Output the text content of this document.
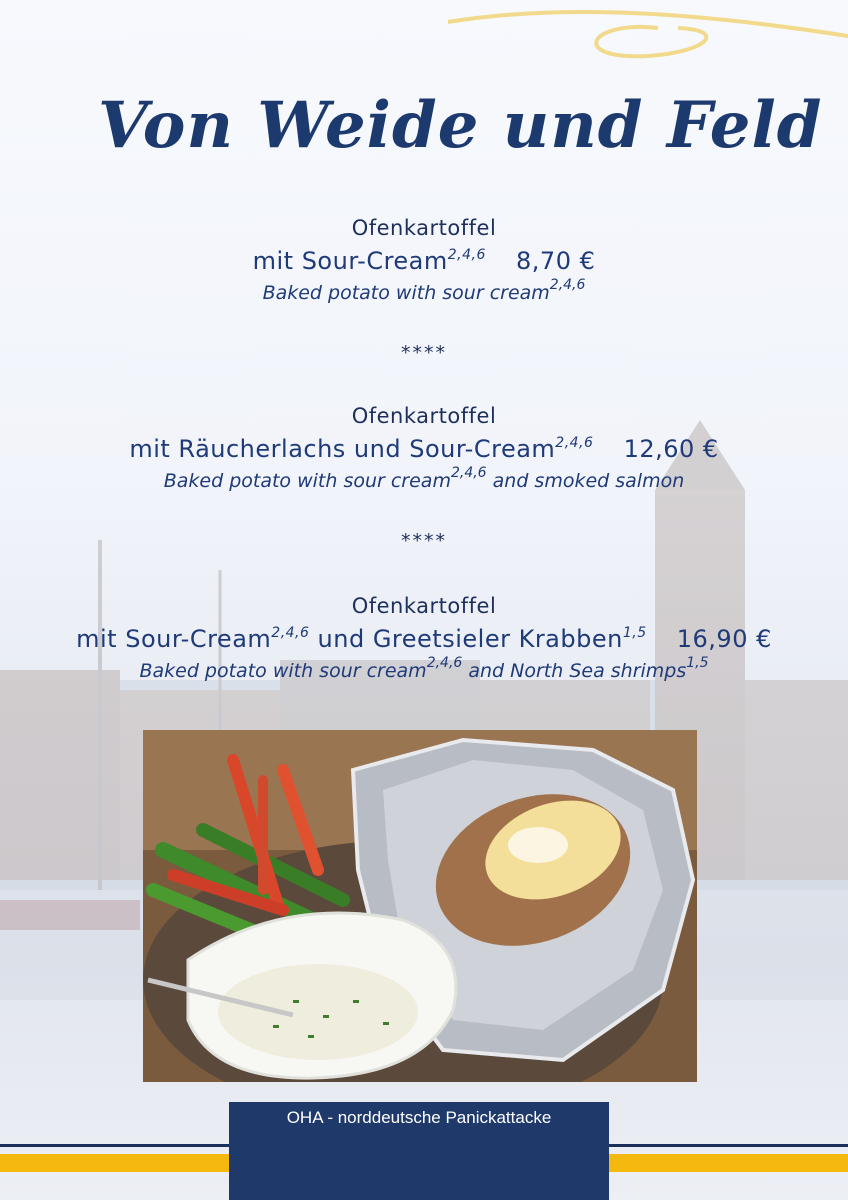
Von Weide und Feld
Ofenkartoffel
mit Sour-Cream$^{2,4,6}$ 8,70 €
Baked potato with sour cream$^{2,4,6}$
****
Ofenkartoffel
mit Räucherlachs und Sour-Cream$^{2,4,6}$ 12,60 €
Baked potato with sour cream$^{2,4,6}$ and smoked salmon
****
Ofenkartoffel
mit Sour-Cream$^{2,4,6}$ und Greetsieler Krabben$^{1,5}$ 16,90 €
Baked potato with sour cream$^{2,4,6}$ and North Sea shrimps$^{1,5}$
OHA - norddeutsche Panickattacke
